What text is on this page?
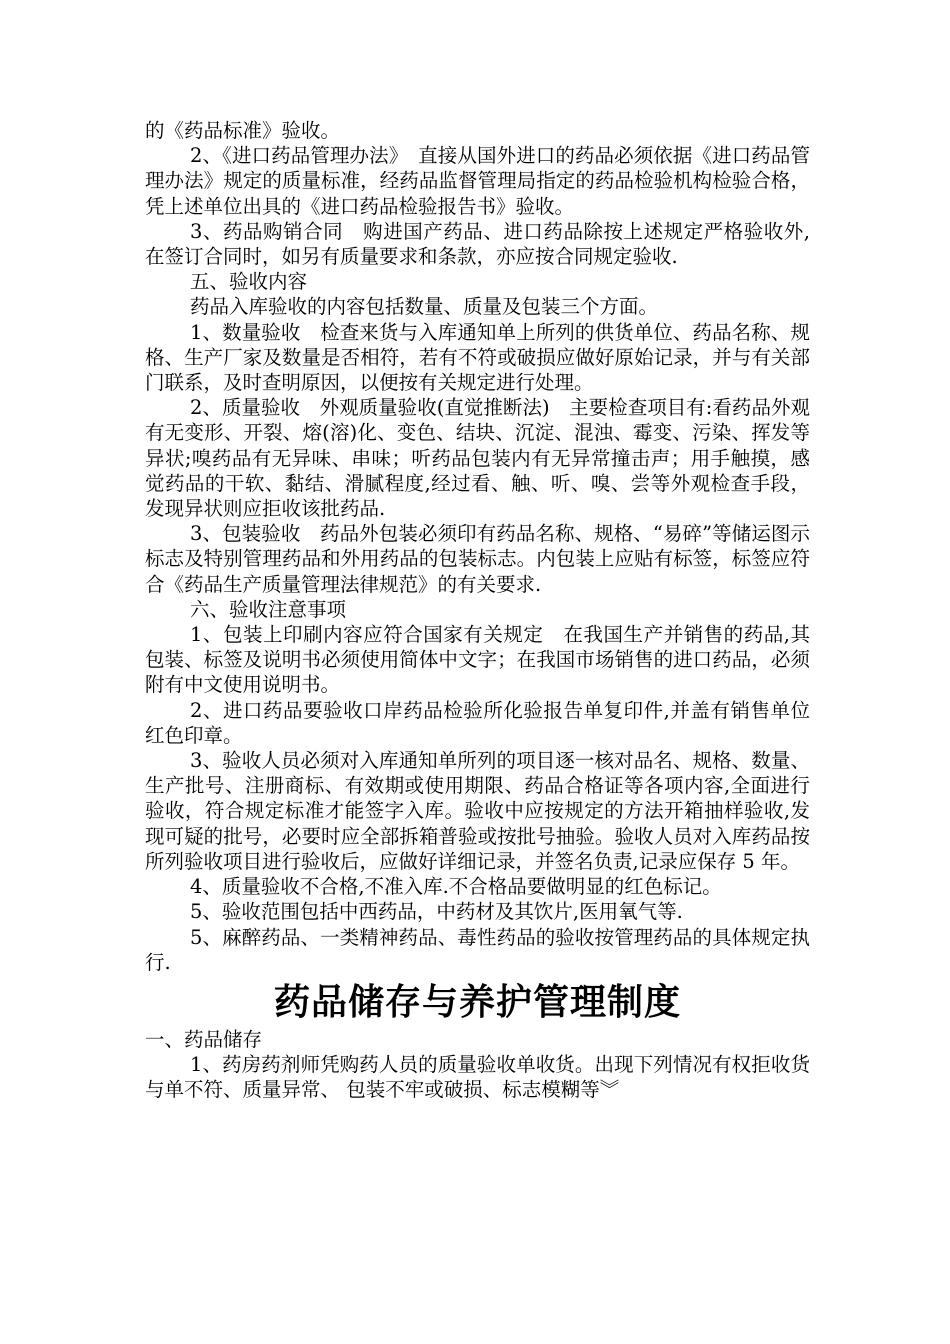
的《药品标准》验收。

2、《进口药品管理办法》　直接从国外进口的药品必须依据《进口药品管理办法》规定的质量标准，经药品监督管理局指定的药品检验机构检验合格，凭上述单位出具的《进口药品检验报告书》验收。

3、药品购销合同　购进国产药品、进口药品除按上述规定严格验收外,在签订合同时，如另有质量要求和条款，亦应按合同规定验收.

五、验收内容

药品入库验收的内容包括数量、质量及包装三个方面。

1、数量验收　检查来货与入库通知单上所列的供货单位、药品名称、规格、生产厂家及数量是否相符，若有不符或破损应做好原始记录，并与有关部门联系，及时查明原因，以便按有关规定进行处理。

2、质量验收　外观质量验收(直觉推断法)　主要检查项目有:看药品外观有无变形、开裂、熔(溶)化、变色、结块、沉淀、混浊、霉变、污染、挥发等异状;嗅药品有无异味、串味；听药品包装内有无异常撞击声；用手触摸，感觉药品的干软、黏结、滑腻程度,经过看、触、听、嗅、尝等外观检查手段，发现异状则应拒收该批药品.

3、包装验收　药品外包装必须印有药品名称、规格、“易碎”等储运图示标志及特别管理药品和外用药品的包装标志。内包装上应贴有标签，标签应符合《药品生产质量管理法律规范》的有关要求.

六、验收注意事项

1、包装上印刷内容应符合国家有关规定　在我国生产并销售的药品,其包装、标签及说明书必须使用简体中文字；在我国市场销售的进口药品，必须附有中文使用说明书。

2、进口药品要验收口岸药品检验所化验报告单复印件,并盖有销售单位红色印章。

3、验收人员必须对入库通知单所列的项目逐一核对品名、规格、数量、生产批号、注册商标、有效期或使用期限、药品合格证等各项内容,全面进行验收，符合规定标准才能签字入库。验收中应按规定的方法开箱抽样验收,发现可疑的批号，必要时应全部拆箱普验或按批号抽验。验收人员对入库药品按所列验收项目进行验收后，应做好详细记录，并签名负责,记录应保存 5 年。

4、质量验收不合格,不准入库.不合格品要做明显的红色标记。

5、验收范围包括中西药品，中药材及其饮片,医用氧气等.

5、麻醉药品、一类精神药品、毒性药品的验收按管理药品的具体规定执行.

药品储存与养护管理制度

一、药品储存

1、药房药剂师凭购药人员的质量验收单收货。出现下列情况有权拒收货与单不符、质量异常、 包装不牢或破损、标志模糊等︾
